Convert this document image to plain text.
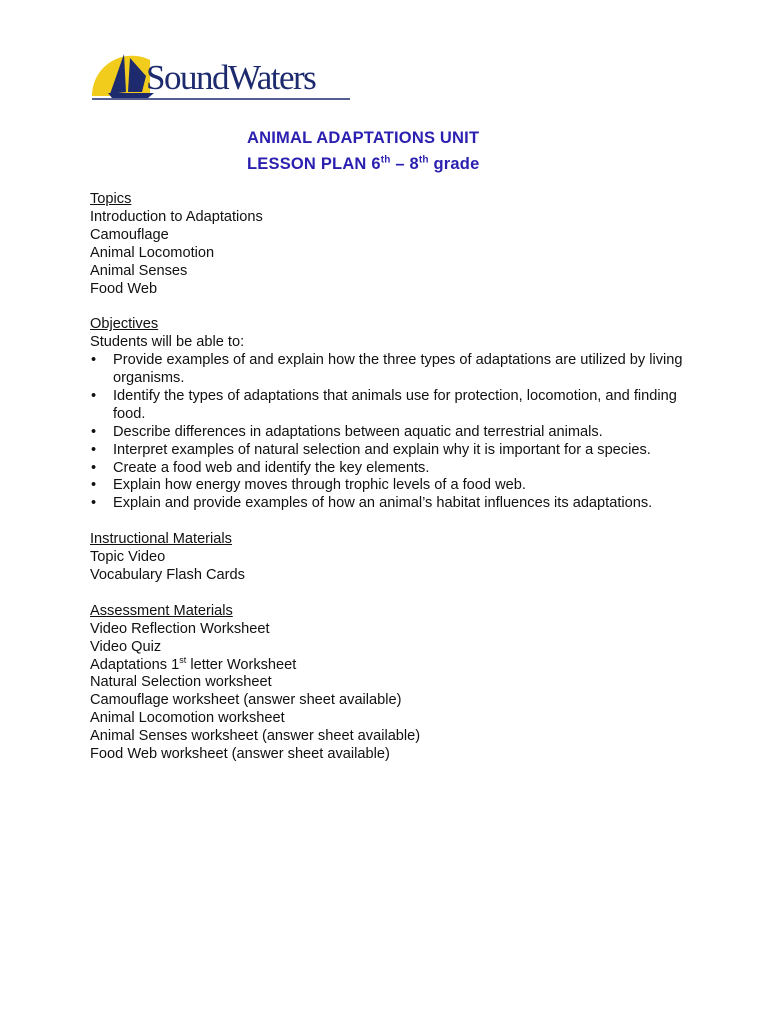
SoundWaters
ANIMAL ADAPTATIONS UNIT
LESSON PLAN 6th – 8th grade
Topics
Introduction to Adaptations
Camouflage
Animal Locomotion
Animal Senses
Food Web
Objectives
Students will be able to:
• Provide examples of and explain how the three types of adaptations are utilized by living organisms.
• Identify the types of adaptations that animals use for protection, locomotion, and finding food.
• Describe differences in adaptations between aquatic and terrestrial animals.
• Interpret examples of natural selection and explain why it is important for a species.
• Create a food web and identify the key elements.
• Explain how energy moves through trophic levels of a food web.
• Explain and provide examples of how an animal’s habitat influences its adaptations.
Instructional Materials
Topic Video
Vocabulary Flash Cards
Assessment Materials
Video Reflection Worksheet
Video Quiz
Adaptations 1st letter Worksheet
Natural Selection worksheet
Camouflage worksheet (answer sheet available)
Animal Locomotion worksheet
Animal Senses worksheet (answer sheet available)
Food Web worksheet (answer sheet available)
